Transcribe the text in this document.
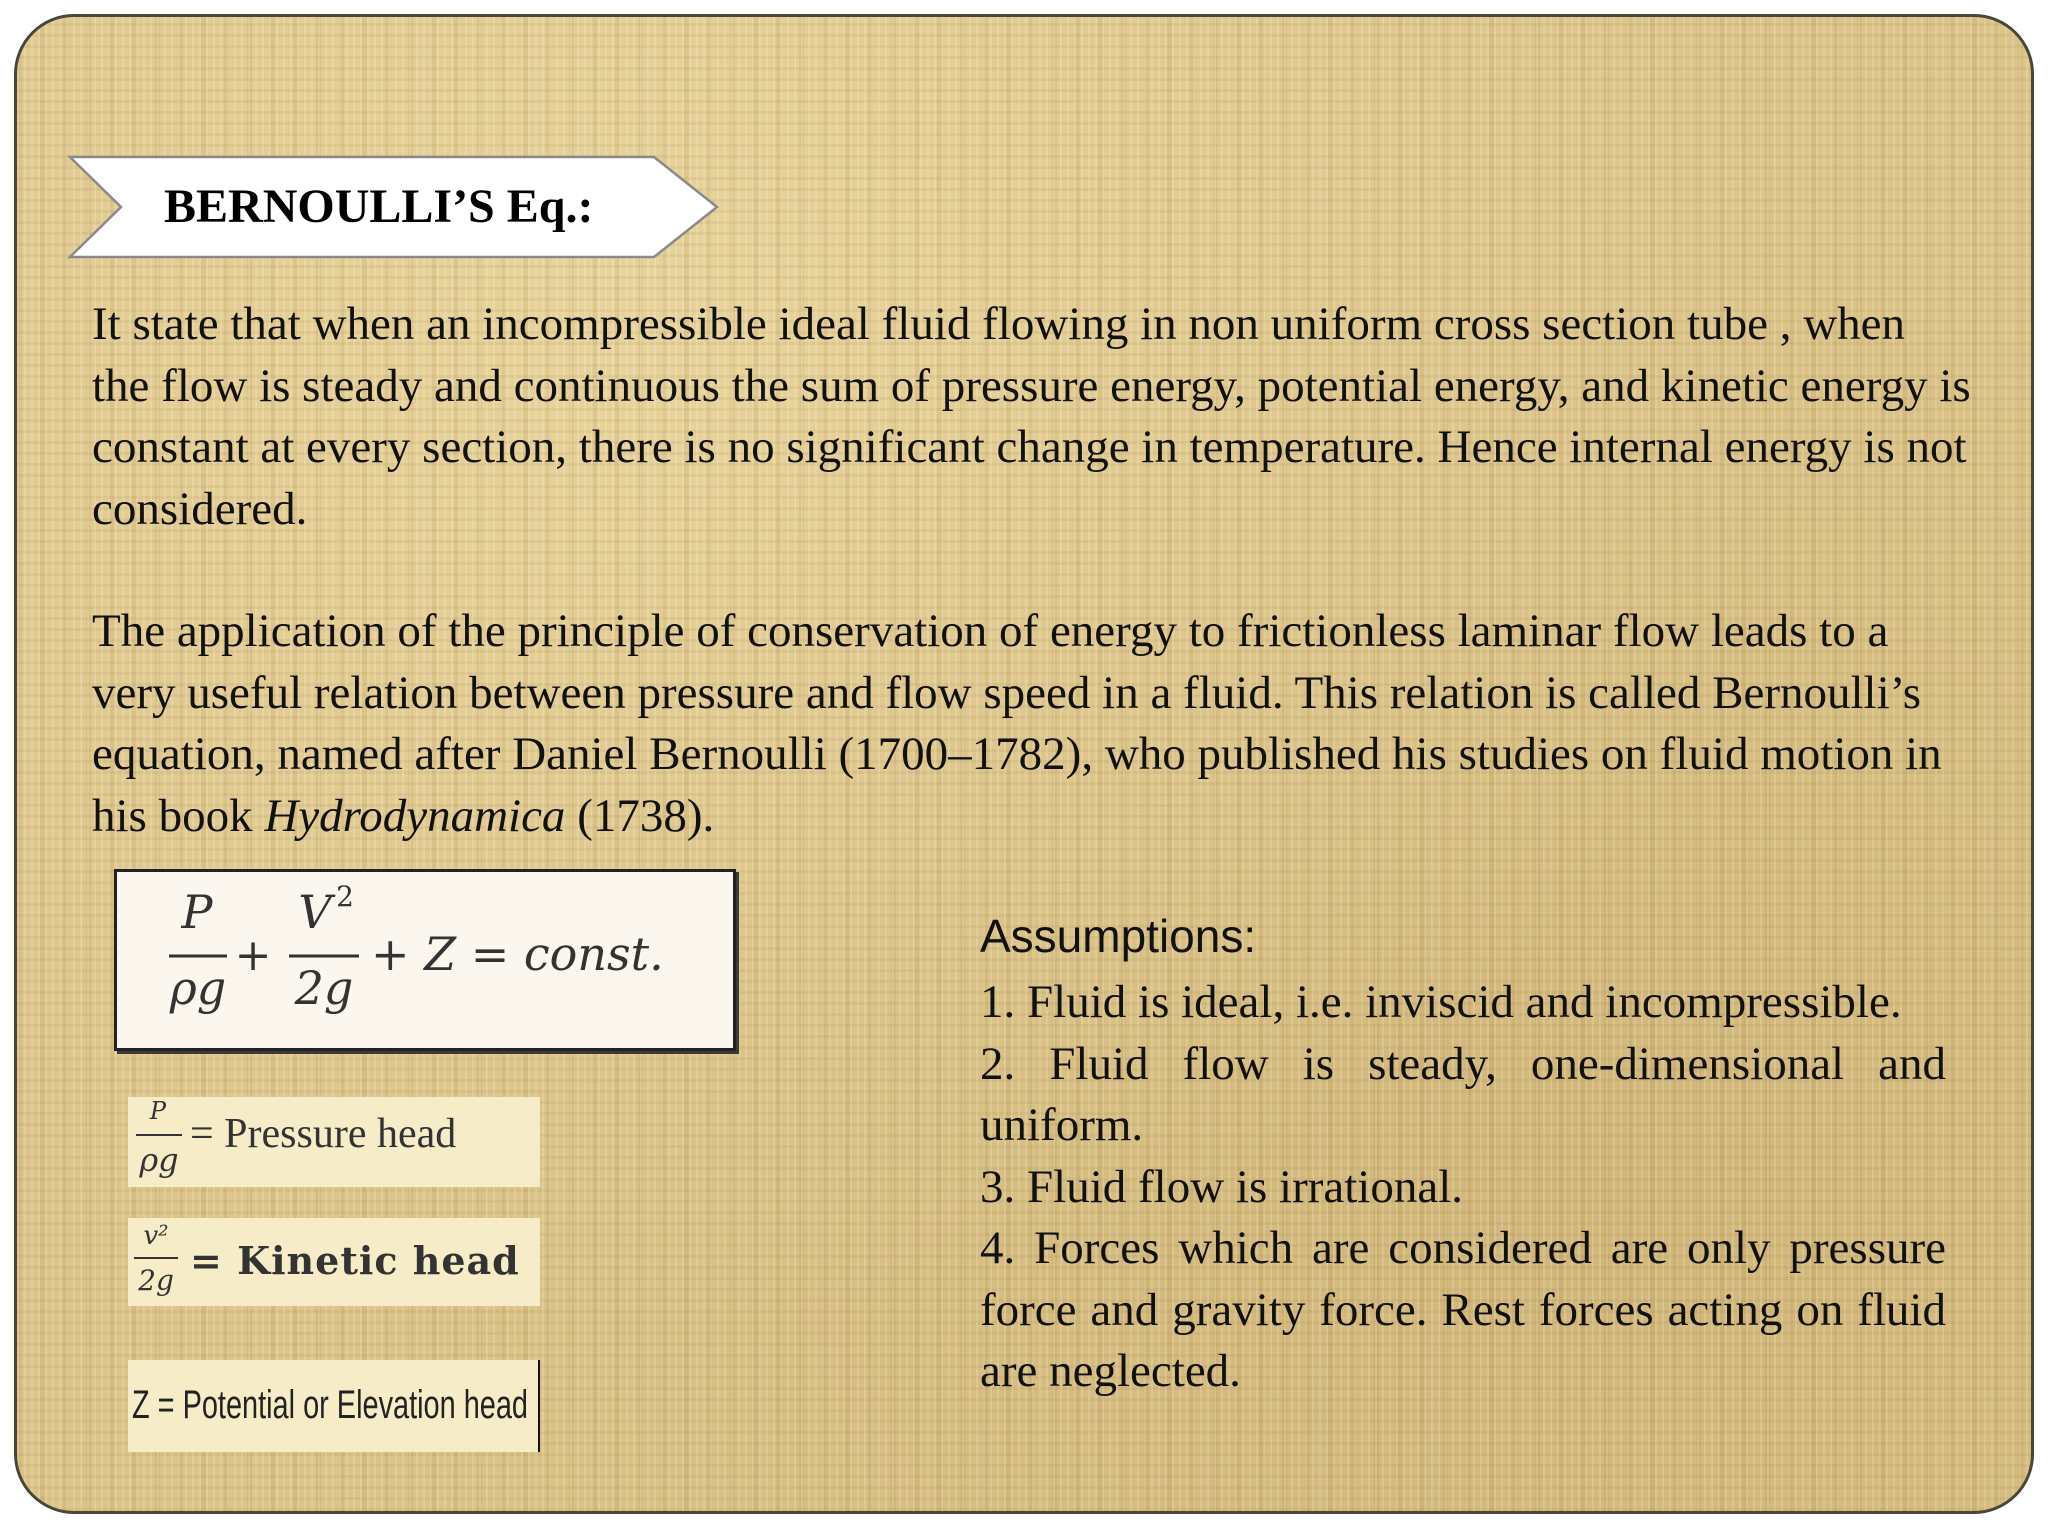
BERNOULLI’S Eq.:

It state that when an incompressible ideal fluid flowing in non uniform cross section tube , when the flow is steady and continuous the sum of pressure energy, potential energy, and kinetic energy is constant at every section, there is no significant change in temperature. Hence internal energy is not considered.

The application of the principle of conservation of energy to frictionless laminar flow leads to a very useful relation between pressure and flow speed in a fluid. This relation is called Bernoulli’s equation, named after Daniel Bernoulli (1700–1782), who published his studies on fluid motion in his book Hydrodynamica (1738).

P
ρg
+
V 2
2g
+ Z = const.
P
ρg
= Pressure head
v²
2g = Kinetic head
Z = Potential or Elevation head
Assumptions:
1. Fluid is ideal, i.e. inviscid and incompressible.
2. Fluid flow is steady, one-dimensional and uniform.
3. Fluid flow is irrational.
4. Forces which are considered are only pressure force and gravity force. Rest forces acting on fluid are neglected.
